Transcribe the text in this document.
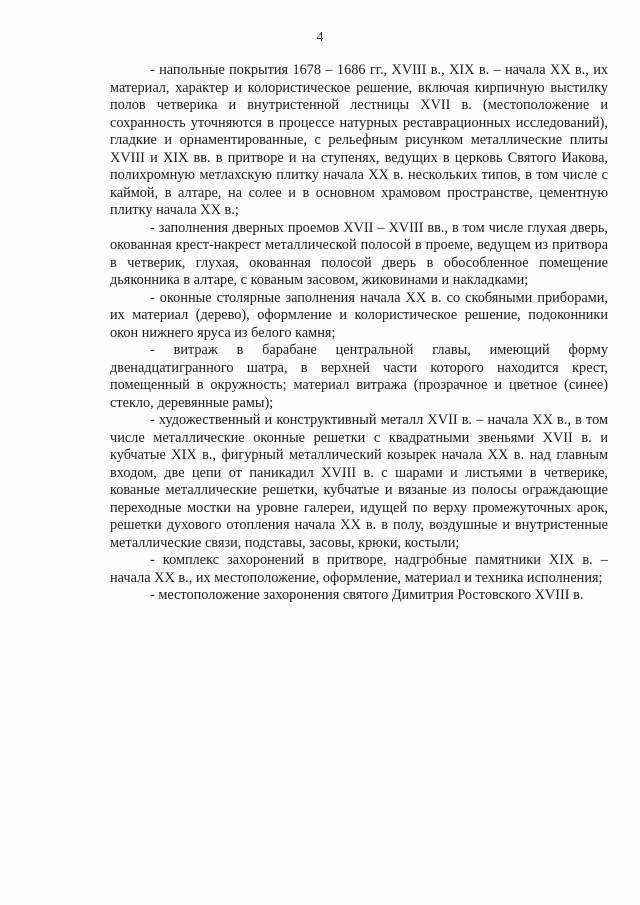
4

- напольные покрытия 1678 – 1686 гг., XVIII в., XIX в. – начала XX в., их материал, характер и колористическое решение, включая кирпичную выстилку полов четверика и внутристенной лестницы XVII в. (местоположение и сохранность уточняются в процессе натурных реставрационных исследований), гладкие и орнаментированные, с рельефным рисунком металлические плиты XVIII и XIX вв. в притворе и на ступенях, ведущих в церковь Святого Иакова, полихромную метлахскую плитку начала XX в. нескольких типов, в том числе с каймой, в алтаре, на солее и в основном храмовом пространстве, цементную плитку начала XX в.;

- заполнения дверных проемов XVII – XVIII вв., в том числе глухая дверь, окованная крест-накрест металлической полосой в проеме, ведущем из притвора в четверик, глухая, окованная полосой дверь в обособленное помещение дьяконника в алтаре, с кованым засовом, жиковинами и накладками;

- оконные столярные заполнения начала XX в. со скобяными приборами, их материал (дерево), оформление и колористическое решение, подоконники окон нижнего яруса из белого камня;

- витраж в барабане центральной главы, имеющий форму двенадцатигранного шатра, в верхней части которого находится крест, помещенный в окружность; материал витража (прозрачное и цветное (синее) стекло, деревянные рамы);

- художественный и конструктивный металл XVII в. – начала XX в., в том числе металлические оконные решетки с квадратными звеньями XVII в. и кубчатые XIX в., фигурный металлический козырек начала XX в. над главным входом, две цепи от паникадил XVIII в. с шарами и листьями в четверике, кованые металлические решетки, кубчатые и вязаные из полосы ограждающие переходные мостки на уровне галереи, идущей по верху промежуточных арок, решетки духового отопления начала XX в. в полу, воздушные и внутристенные металлические связи, подставы, засовы, крюки, костыли;

- комплекс захоронений в притворе, надгробные памятники XIX в. – начала XX в., их местоположение, оформление, материал и техника исполнения;

- местоположение захоронения святого Димитрия Ростовского XVIII в.
